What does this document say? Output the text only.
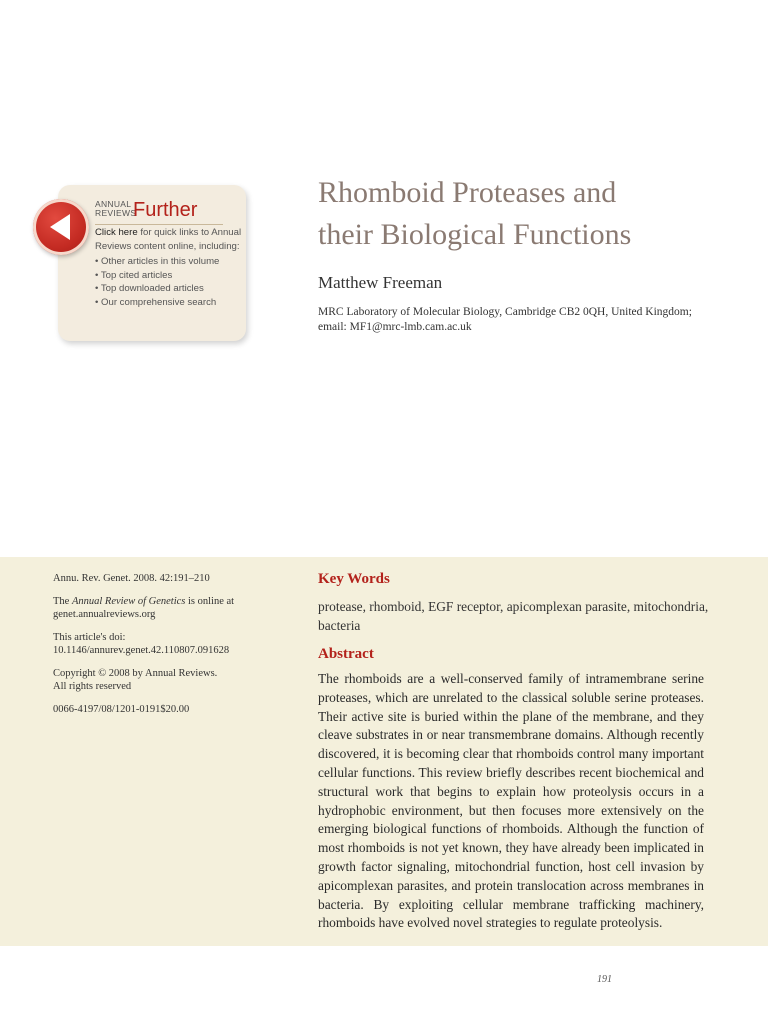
ANNUAL
REVIEWS
Further
Click here for quick links to Annual Reviews content online, including:
• Other articles in this volume
• Top cited articles
• Top downloaded articles
• Our comprehensive search
Rhomboid Proteases and
their Biological Functions
Matthew Freeman
MRC Laboratory of Molecular Biology, Cambridge CB2 0QH, United Kingdom;
email: MF1@mrc-lmb.cam.ac.uk

Annu. Rev. Genet. 2008. 42:191–210

The Annual Review of Genetics is online at genet.annualreviews.org

This article's doi:
10.1146/annurev.genet.42.110807.091628

Copyright © 2008 by Annual Reviews.
All rights reserved

0066-4197/08/1201-0191$20.00

Key Words
protease, rhomboid, EGF receptor, apicomplexan parasite, mitochondria, bacteria
Abstract

The rhomboids are a well-conserved family of intramembrane serine proteases, which are unrelated to the classical soluble serine proteases. Their active site is buried within the plane of the membrane, and they cleave substrates in or near transmembrane domains. Although recently discovered, it is becoming clear that rhomboids control many important cellular functions. This review briefly describes recent biochemical and structural work that begins to explain how proteolysis occurs in a hydrophobic environment, but then focuses more extensively on the emerging biological functions of rhomboids. Although the function of most rhomboids is not yet known, they have already been implicated in growth factor signaling, mitochondrial function, host cell invasion by apicomplexan parasites, and protein translocation across membranes in bacteria. By exploiting cellular membrane trafficking machinery, rhomboids have evolved novel strategies to regulate proteolysis.

191
